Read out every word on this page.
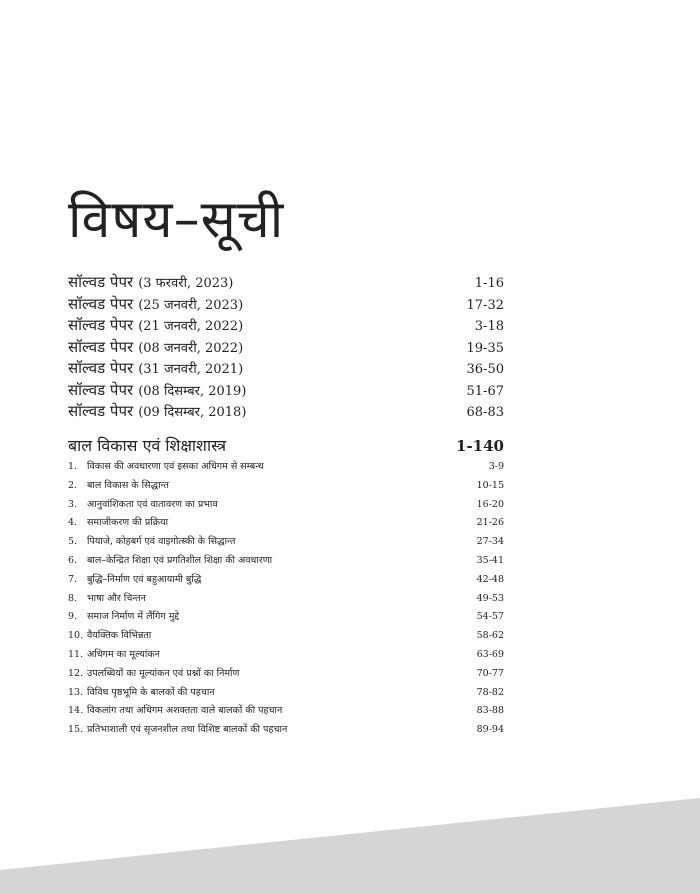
विषय–सूची
सॉल्वड पेपर (3 फरवरी, 2023)	1-16
सॉल्वड पेपर (25 जनवरी, 2023)	17-32
सॉल्वड पेपर (21 जनवरी, 2022)	3-18
सॉल्वड पेपर (08 जनवरी, 2022)	19-35
सॉल्वड पेपर (31 जनवरी, 2021)	36-50
सॉल्वड पेपर (08 दिसम्बर, 2019)	51-67
सॉल्वड पेपर (09 दिसम्बर, 2018)	68-83
बाल विकास एवं शिक्षाशास्त्र	1-140
1.	विकास की अवधारणा एवं इसका अधिगम से सम्बन्ध	3-9
2.	बाल विकास के सिद्धान्त	10-15
3.	आनुवांशिकता एवं वातावरण का प्रभाव	16-20
4.	समाजीकरण की प्रक्रिया	21-26
5.	पियाजे, कोहबर्ग एवं वाइगोत्स्की के सिद्धान्त	27-34
6.	बाल–केन्द्रित शिक्षा एवं प्रगतिशील शिक्षा की अवधारणा	35-41
7.	बुद्धि–निर्माण एवं बहुआयामी बुद्धि	42-48
8.	भाषा और चिन्तन	49-53
9.	समाज निर्माण में लैंगिग मुद्दे	54-57
10. वैयक्तिक विभिन्नता	58-62
11. अधिगम का मूल्यांकन	63-69
12. उपलब्धियों का मूल्यांकन एवं प्रश्नों का निर्माण	70-77
13. विविध पृष्ठभूमि के बालकों की पहचान	78-82
14. विकलांग तथा अधिगम अशक्तता वाले बालकों की पहचान	83-88
15. प्रतिभाशाली एवं सृजनशील तथा विशिष्ट बालकों की पहचान	89-94
